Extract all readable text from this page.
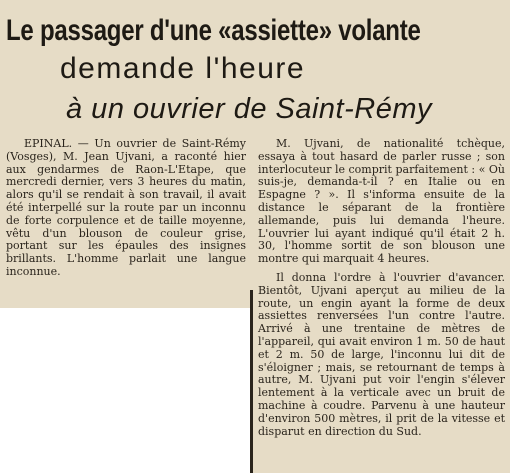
Le passager d'une «assiette» volante
demande l'heure
à un ouvrier de Saint-Rémy

EPINAL. — Un ouvrier de Saint-Rémy (Vosges), M. Jean Ujvani, a raconté hier aux gendarmes de Raon-L'Etape, que mercredi dernier, vers 3 heures du matin, alors qu'il se rendait à son travail, il avait été interpellé sur la route par un inconnu de forte corpulence et de taille moyenne, vêtu d'un blouson de couleur grise, portant sur les épaules des insignes brillants. L'homme parlait une langue inconnue.

M. Ujvani, de nationalité tchèque, essaya à tout hasard de parler russe ; son interlocuteur le comprit parfaitement : « Où suis-je, demanda-t-il ? en Italie ou en Espagne ? ». Il s'informa ensuite de la distance le séparant de la frontière allemande, puis lui demanda l'heure. L'ouvrier lui ayant indiqué qu'il était 2 h. 30, l'homme sortit de son blouson une montre qui marquait 4 heures.

Il donna l'ordre à l'ouvrier d'avancer. Bientôt, Ujvani aperçut au milieu de la route, un engin ayant la forme de deux assiettes renversées l'un contre l'autre. Arrivé à une trentaine de mètres de l'appareil, qui avait environ 1 m. 50 de haut et 2 m. 50 de large, l'inconnu lui dit de s'éloigner ; mais, se retournant de temps à autre, M. Ujvani put voir l'engin s'élever lentement à la verticale avec un bruit de machine à coudre. Parvenu à une hauteur d'environ 500 mètres, il prit de la vitesse et disparut en direction du Sud.
